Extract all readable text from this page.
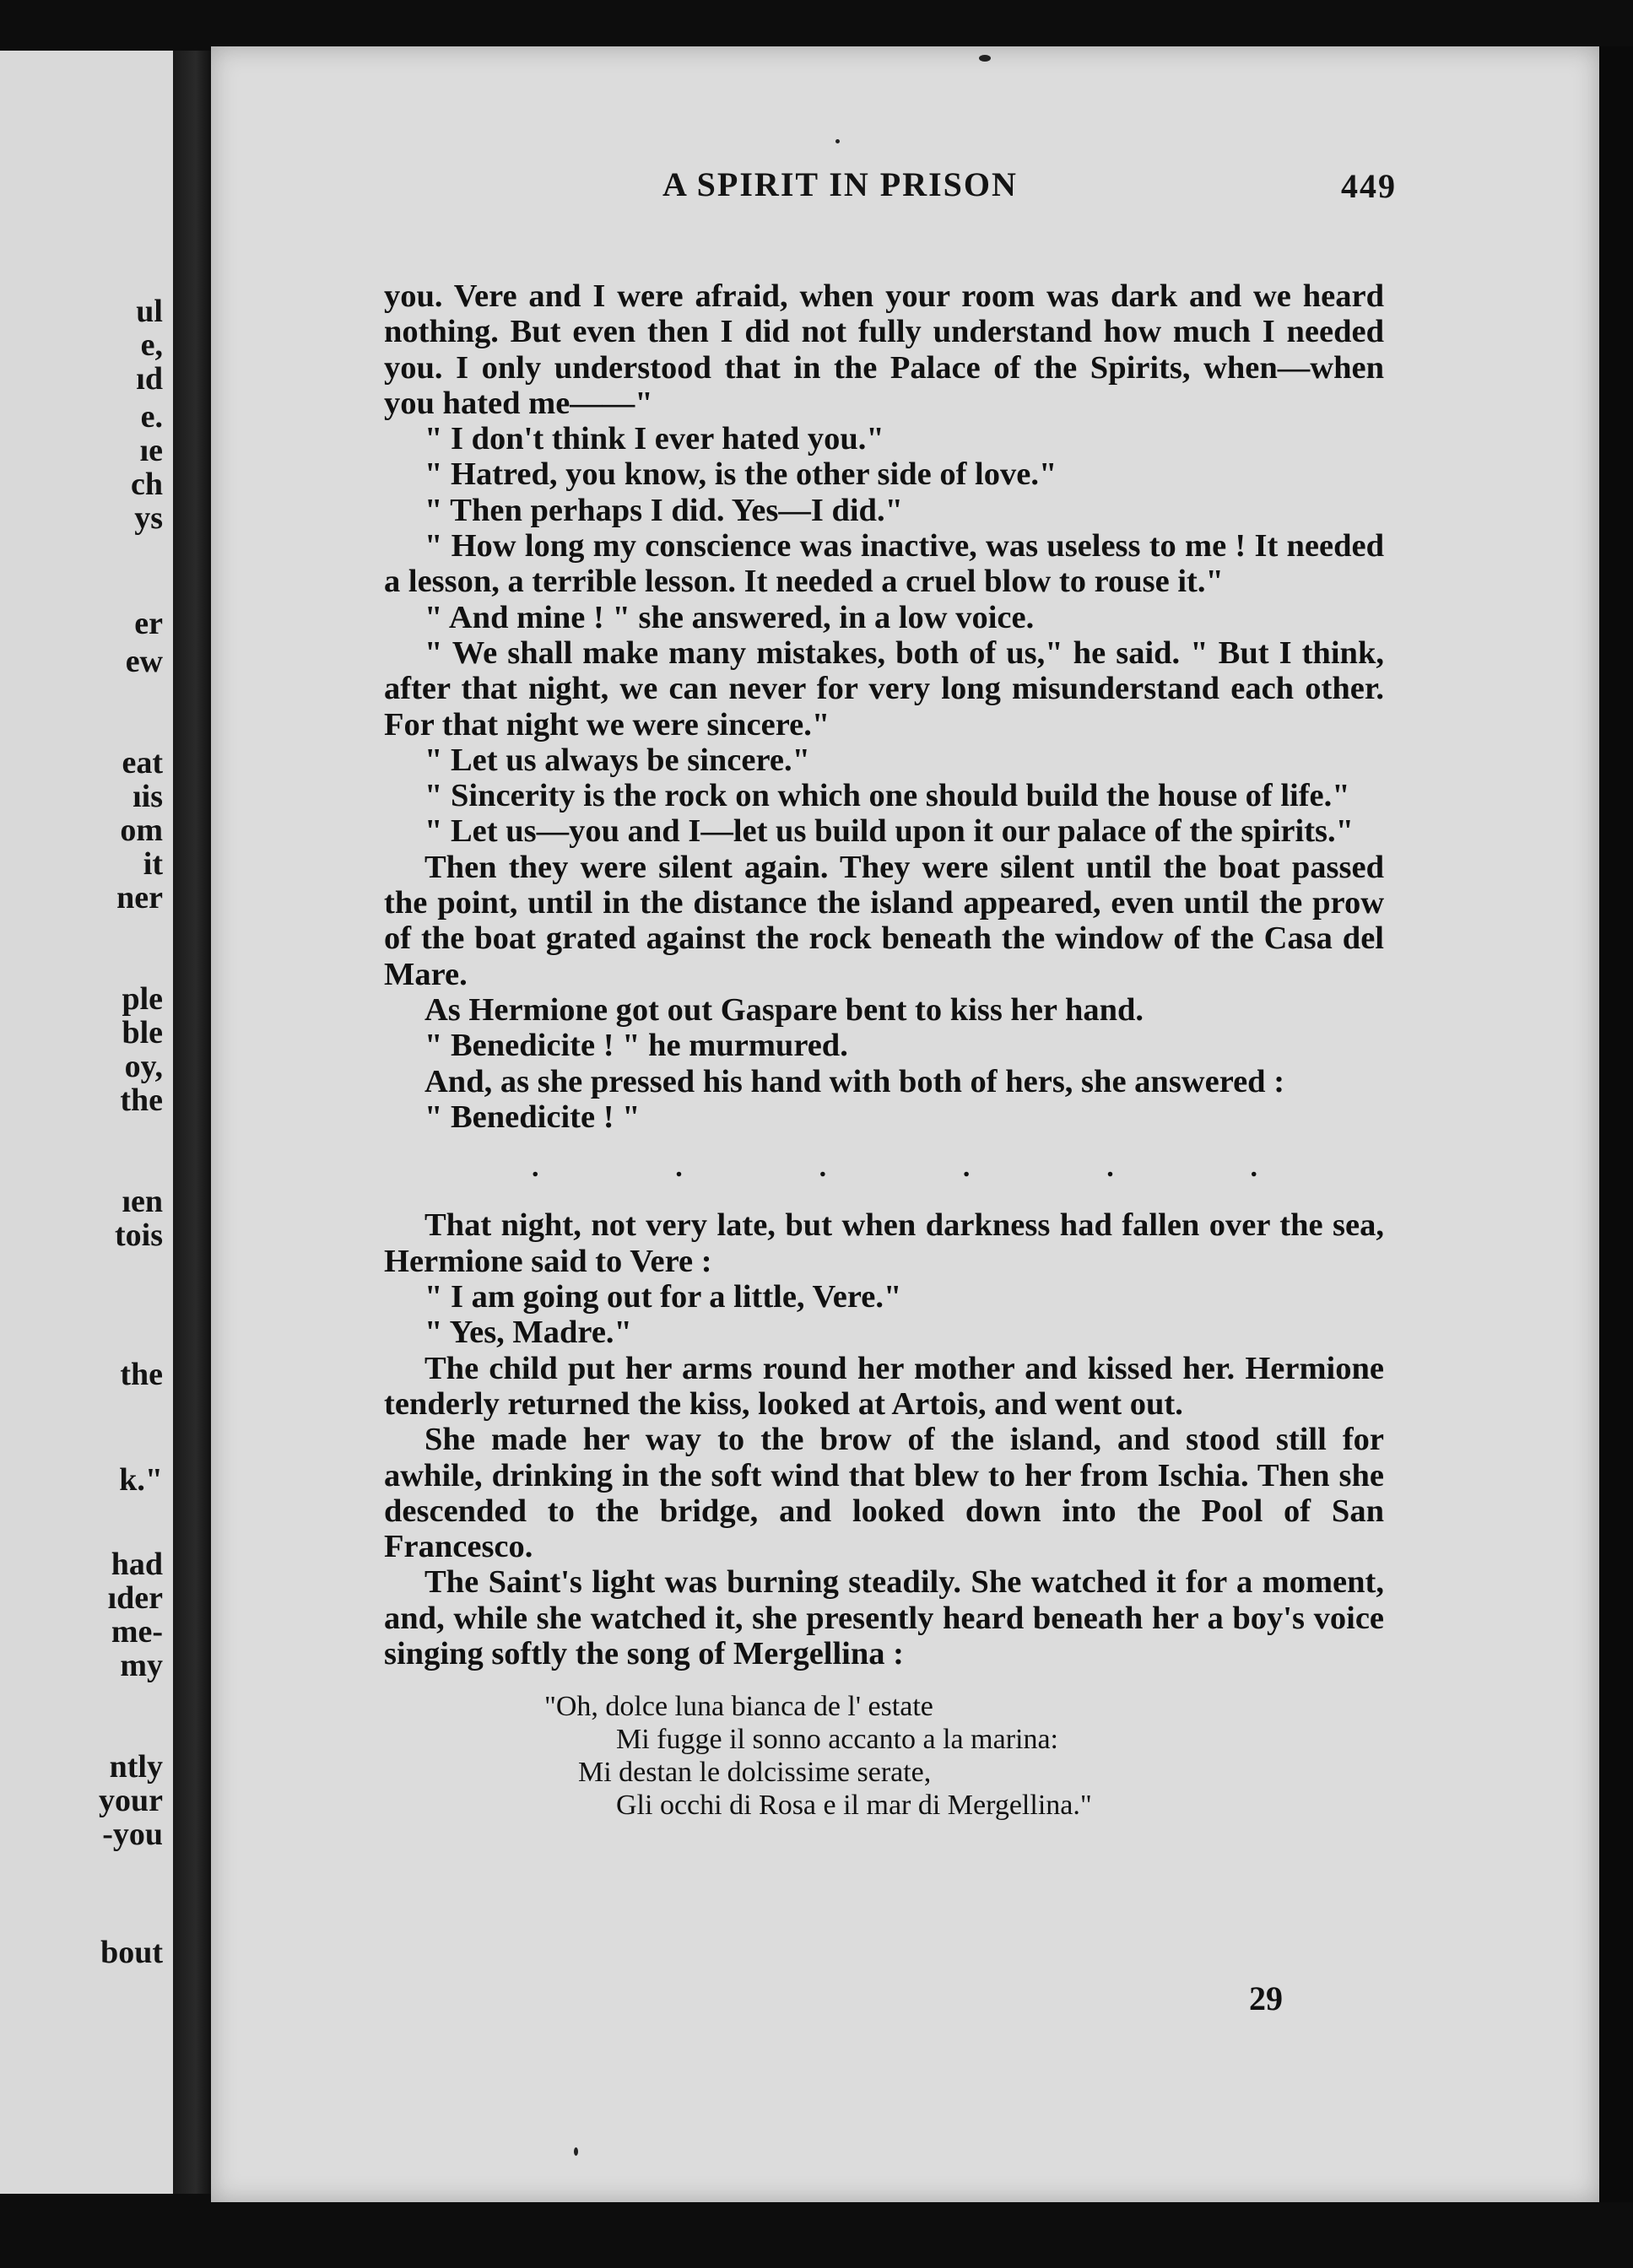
ul
e,
ıd
e.
ıe
ch
ys
er
ew
eat
ıis
om
it
ner
ple
ble
oy,
the
ıen
tois
the
k."
had
ıder
me-
my
ntly
your
-you
bout
A SPIRIT IN PRISON	449

you. Vere and I were afraid, when your room was dark and we heard nothing. But even then I did not fully understand how much I needed you. I only understood that in the Palace of the Spirits, when—when you hated me——"

" I don't think I ever hated you."

" Hatred, you know, is the other side of love."

" Then perhaps I did. Yes—I did."

" How long my conscience was inactive, was useless to me ! It needed a lesson, a terrible lesson. It needed a cruel blow to rouse it."

" And mine ! " she answered, in a low voice.

" We shall make many mistakes, both of us," he said. " But I think, after that night, we can never for very long misunderstand each other. For that night we were sincere."

" Let us always be sincere."

" Sincerity is the rock on which one should build the house of life."

" Let us—you and I—let us build upon it our palace of the spirits."

Then they were silent again. They were silent until the boat passed the point, until in the distance the island appeared, even until the prow of the boat grated against the rock beneath the window of the Casa del Mare.

As Hermione got out Gaspare bent to kiss her hand.

" Benedicite ! " he murmured.

And, as she pressed his hand with both of hers, she answered :

" Benedicite ! "

.	.	.	.	.	.

That night, not very late, but when darkness had fallen over the sea, Hermione said to Vere :

" I am going out for a little, Vere."

" Yes, Madre."

The child put her arms round her mother and kissed her. Hermione tenderly returned the kiss, looked at Artois, and went out.

She made her way to the brow of the island, and stood still for awhile, drinking in the soft wind that blew to her from Ischia. Then she descended to the bridge, and looked down into the Pool of San Francesco.

The Saint's light was burning steadily. She watched it for a moment, and, while she watched it, she presently heard beneath her a boy's voice singing softly the song of Mergellina :

"Oh, dolce luna bianca de l' estate
Mi fugge il sonno accanto a la marina:
Mi destan le dolcissime serate,
Gli occhi di Rosa e il mar di Mergellina."
29
